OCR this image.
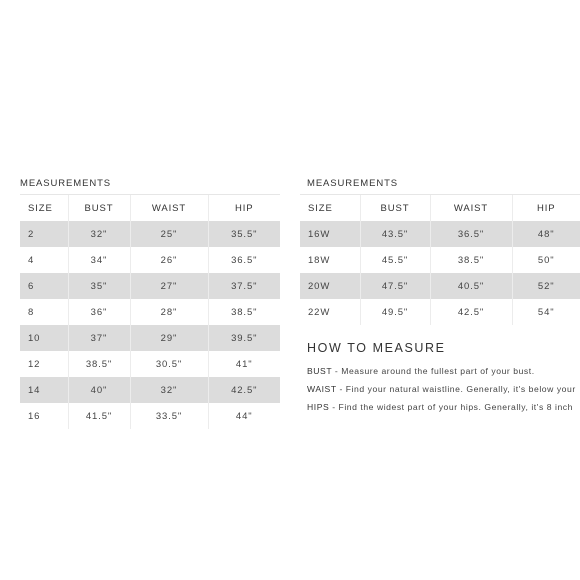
MEASUREMENTS
SIZE	BUST	WAIST	HIP
2	32"	25"	35.5"
4	34"	26"	36.5"
6	35"	27"	37.5"
8	36"	28"	38.5"
10	37"	29"	39.5"
12	38.5"	30.5"	41"
14	40"	32"	42.5"
16	41.5"	33.5"	44"
MEASUREMENTS
SIZE	BUST	WAIST	HIP
16W	43.5"	36.5"	48"
18W	45.5"	38.5"	50"
20W	47.5"	40.5"	52"
22W	49.5"	42.5"	54"
HOW TO MEASURE
BUST - Measure around the fullest part of your bust.
WAIST - Find your natural waistline. Generally, it's below your
HIPS - Find the widest part of your hips. Generally, it's 8 inch
